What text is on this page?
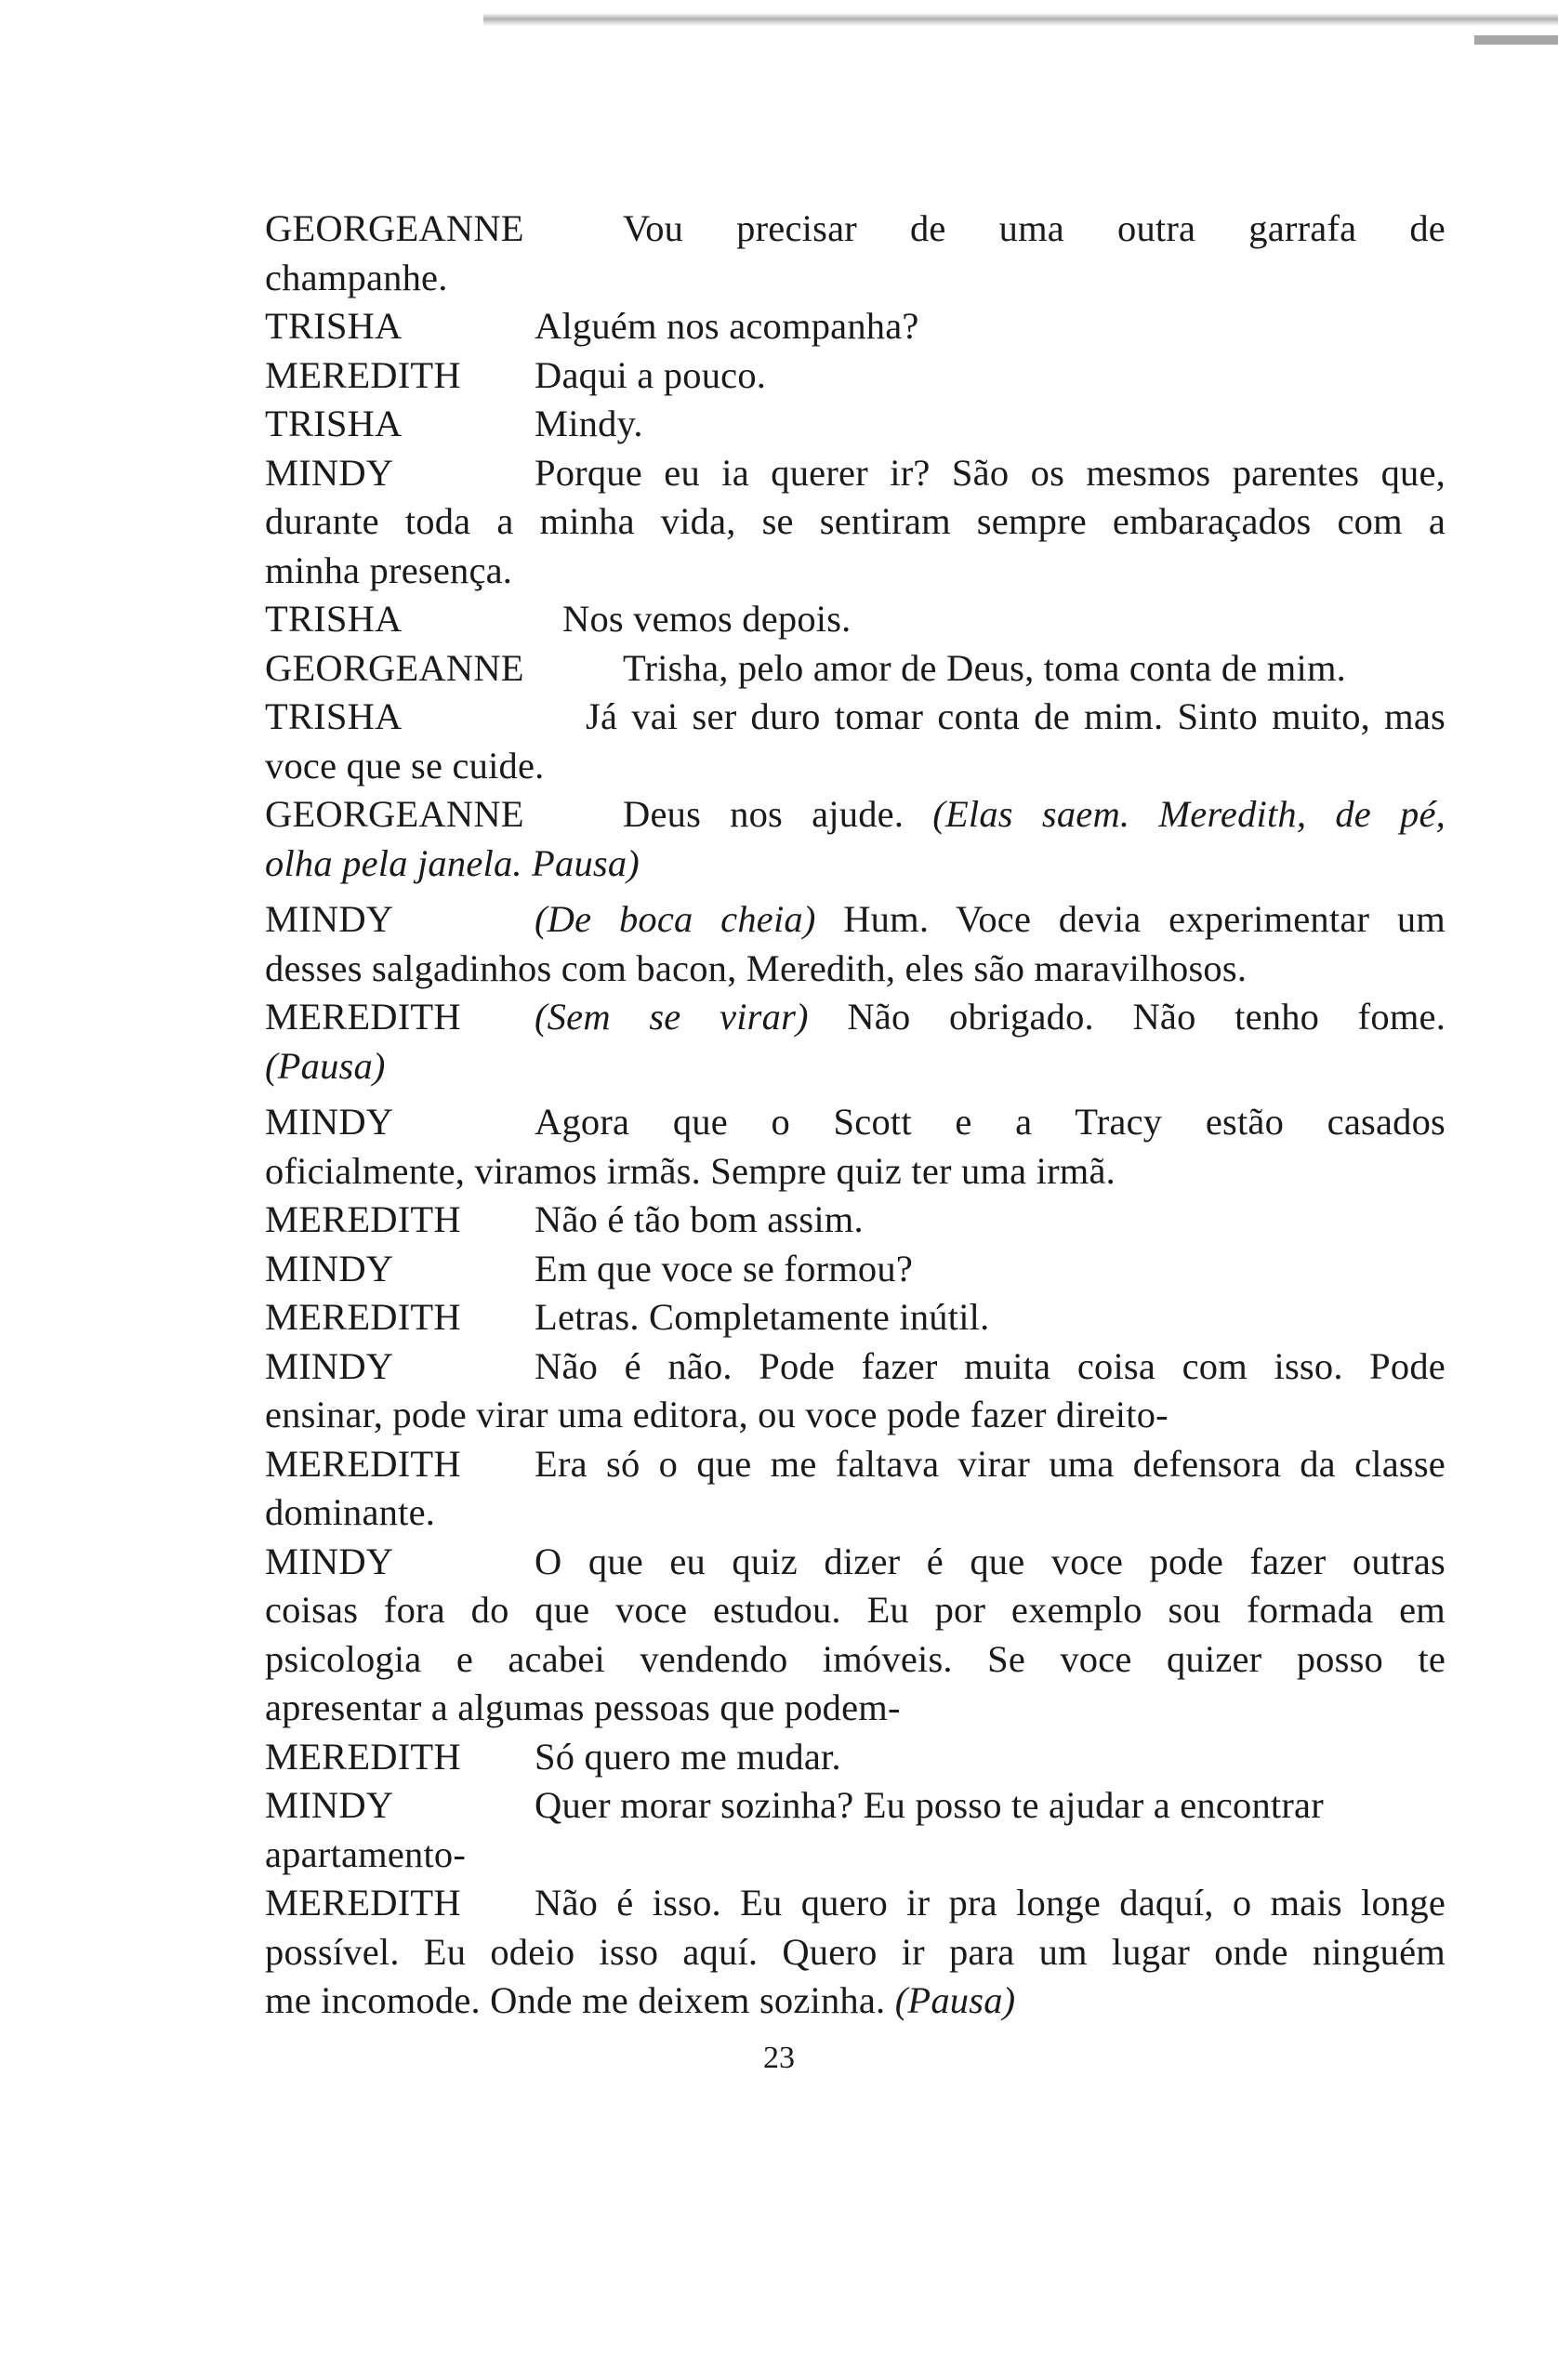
GEORGEANNE	Vou precisar de uma outra garrafa de
champanhe.
TRISHA	Alguém nos acompanha?
MEREDITH Daqui a pouco.
TRISHA	Mindy.
MINDY	Porque eu ia querer ir? São os mesmos parentes que,
durante toda a minha vida, se sentiram sempre embaraçados com a
minha presença.
TRISHA	Nos vemos depois.
GEORGEANNE	Trisha, pelo amor de Deus, toma conta de mim.
TRISHA	Já vai ser duro tomar conta de mim. Sinto muito, mas
voce que se cuide.
GEORGEANNE	Deus nos ajude. (Elas saem. Meredith, de pé,
olha pela janela. Pausa)
MINDY	(De boca cheia) Hum. Voce devia experimentar um
desses salgadinhos com bacon, Meredith, eles são maravilhosos.
MEREDITH (Sem se virar) Não obrigado. Não tenho fome.
(Pausa)
MINDY	Agora que o Scott e a Tracy estão casados
oficialmente, viramos irmãs. Sempre quiz ter uma irmã.
MEREDITH Não é tão bom assim.
MINDY	Em que voce se formou?
MEREDITH Letras. Completamente inútil.
MINDY	Não é não. Pode fazer muita coisa com isso. Pode
ensinar, pode virar uma editora, ou voce pode fazer direito-
MEREDITH Era só o que me faltava virar uma defensora da classe
dominante.
MINDY	O que eu quiz dizer é que voce pode fazer outras
coisas fora do que voce estudou. Eu por exemplo sou formada em
psicologia e acabei vendendo imóveis. Se voce quizer posso te
apresentar a algumas pessoas que podem-
MEREDITH Só quero me mudar.
MINDY	Quer morar sozinha? Eu posso te ajudar a encontrar
apartamento-
MEREDITH Não é isso. Eu quero ir pra longe daquí, o mais longe
possível. Eu odeio isso aquí. Quero ir para um lugar onde ninguém
me incomode. Onde me deixem sozinha. (Pausa)
23
